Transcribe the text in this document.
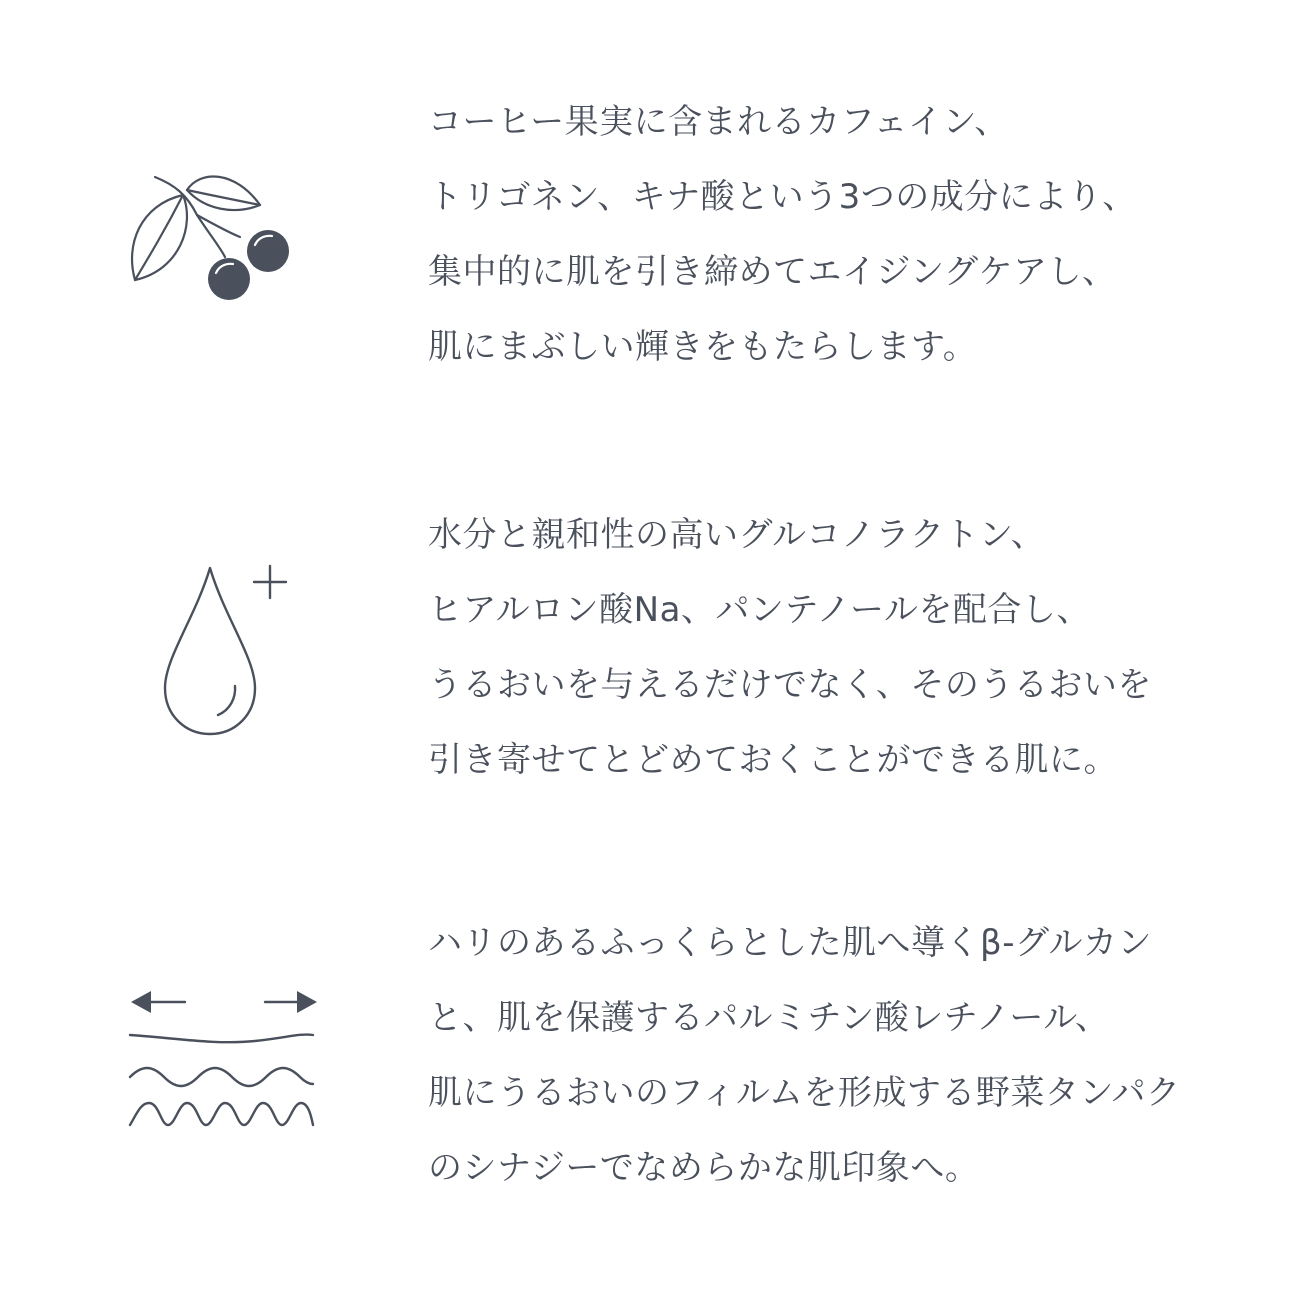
コーヒー果実に含まれるカフェイン、
トリゴネン、キナ酸という3つの成分により、
集中的に肌を引き締めてエイジングケアし、
肌にまぶしい輝きをもたらします。
水分と親和性の高いグルコノラクトン、
ヒアルロン酸Na、パンテノールを配合し、
うるおいを与えるだけでなく、そのうるおいを
引き寄せてとどめておくことができる肌に。
ハリのあるふっくらとした肌へ導くβ-グルカン
と、肌を保護するパルミチン酸レチノール、
肌にうるおいのフィルムを形成する野菜タンパク
のシナジーでなめらかな肌印象へ。
